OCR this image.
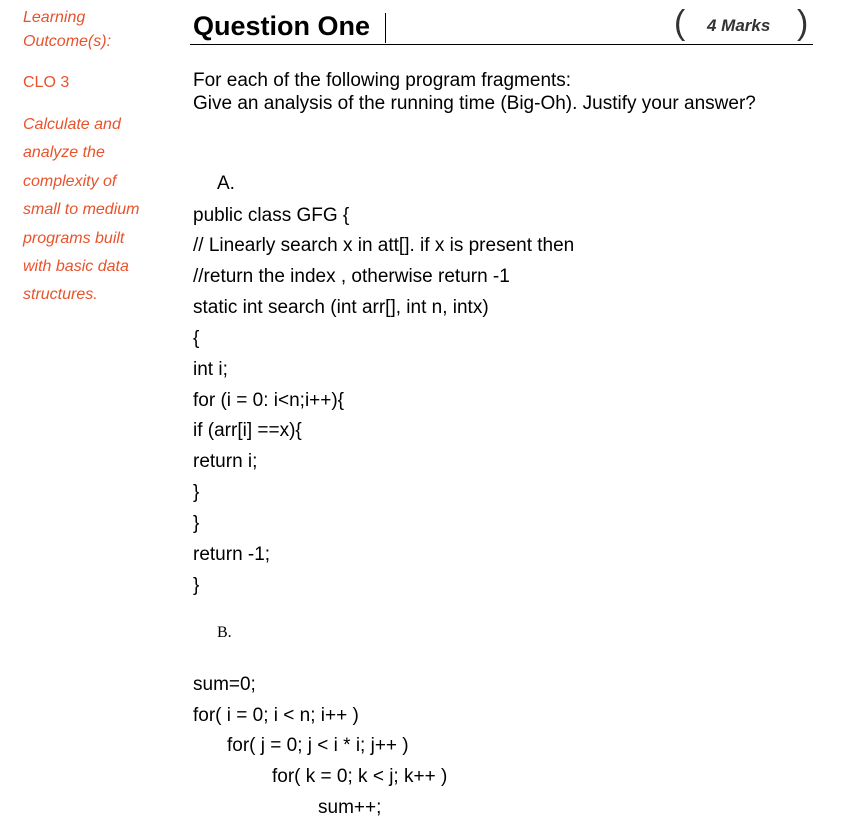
Learning
Outcome(s):
CLO 3
Calculate and
analyze the
complexity of
small to medium
programs built
with basic data
structures.
Question One	( 4 Marks )
For each of the following program fragments:
Give an analysis of the running time (Big-Oh). Justify your answer?
A.
public class GFG {
// Linearly search x in att[]. if x is present then
//return the index , otherwise return -1
static int search (int arr[], int n, intx)
{
int i;
for (i = 0: i<n;i++){
if (arr[i] ==x){
return i;
}
}
return -1;
}
B.
sum=0;
for( i = 0; i < n; i++ )
for( j = 0; j < i * i; j++ )
for( k = 0; k < j; k++ )
sum++;
